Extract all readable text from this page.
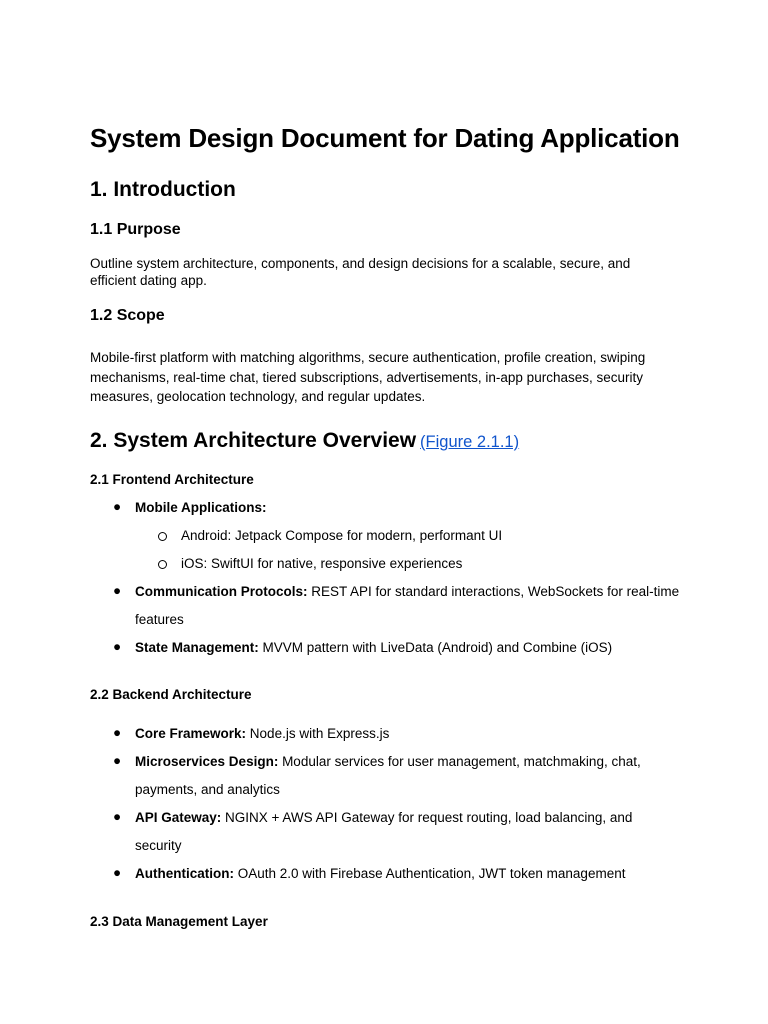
System Design Document for Dating Application
1. Introduction
1.1 Purpose
Outline system architecture, components, and design decisions for a scalable, secure, and efficient dating app.
1.2 Scope
Mobile-first platform with matching algorithms, secure authentication, profile creation, swiping mechanisms, real-time chat, tiered subscriptions, advertisements, in-app purchases, security measures, geolocation technology, and regular updates.
2. System Architecture Overview (Figure 2.1.1)
2.1 Frontend Architecture
● Mobile Applications:
Android: Jetpack Compose for modern, performant UI
iOS: SwiftUI for native, responsive experiences
● Communication Protocols: REST API for standard interactions, WebSockets for real-time features
● State Management: MVVM pattern with LiveData (Android) and Combine (iOS)
2.2 Backend Architecture
● Core Framework: Node.js with Express.js
● Microservices Design: Modular services for user management, matchmaking, chat, payments, and analytics
● API Gateway: NGINX + AWS API Gateway for request routing, load balancing, and security
● Authentication: OAuth 2.0 with Firebase Authentication, JWT token management
2.3 Data Management Layer
